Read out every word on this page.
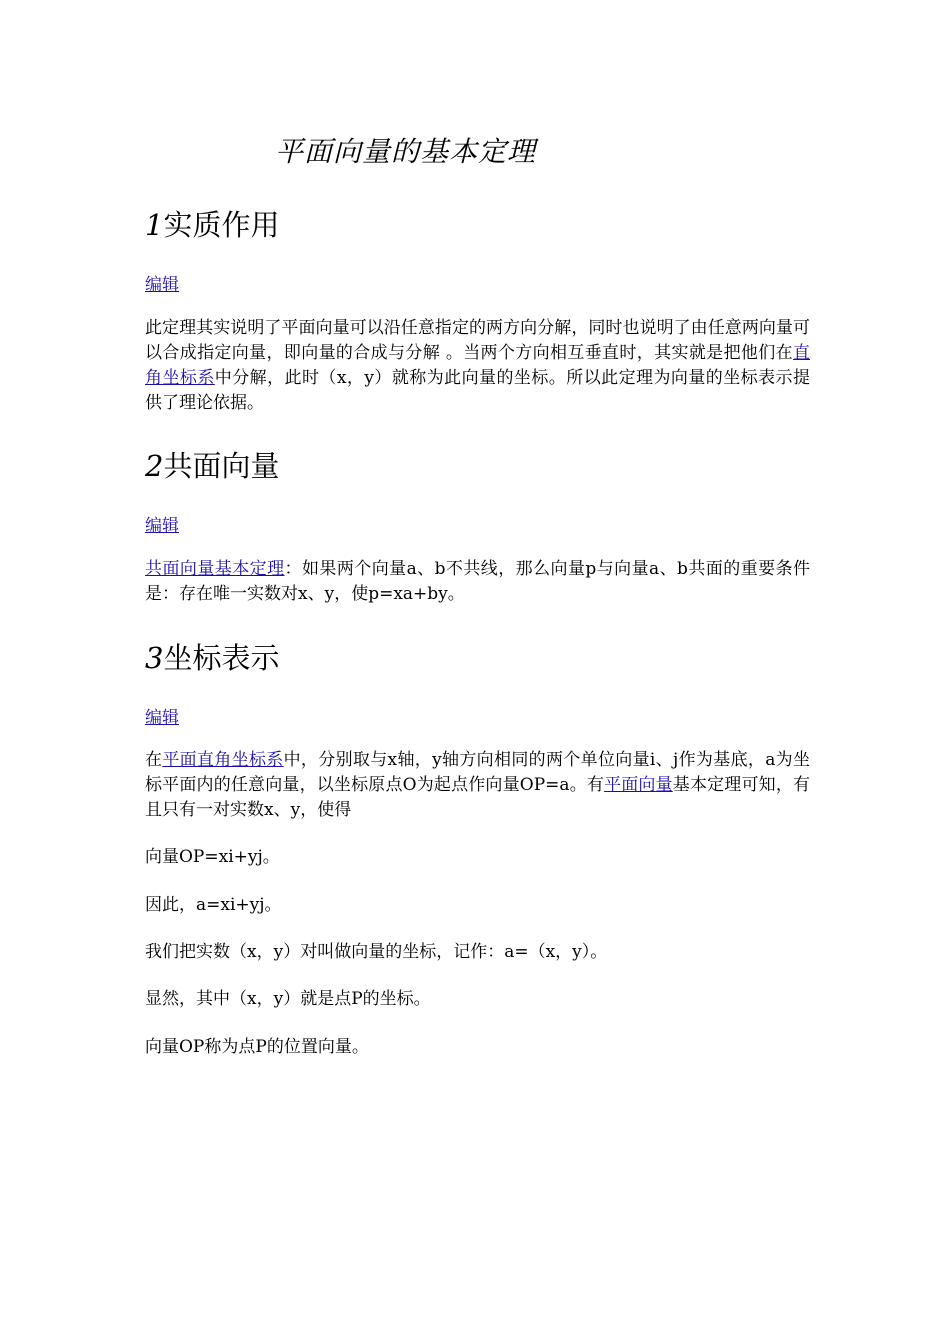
平面向量的基本定理
1实质作用
编辑

此定理其实说明了平面向量可以沿任意指定的两方向分解，同时也说明了由任意两向量可以合成指定向量，即向量的合成与分解 。当两个方向相互垂直时，其实就是把他们在直角坐标系中分解，此时（x，y）就称为此向量的坐标。所以此定理为向量的坐标表示提供了理论依据。

2共面向量
编辑

共面向量基本定理：如果两个向量a、b不共线，那么向量p与向量a、b共面的重要条件是：存在唯一实数对x、y，使p=xa+by。

3坐标表示
编辑

在平面直角坐标系中，分别取与x轴，y轴方向相同的两个单位向量i、j作为基底，a为坐标平面内的任意向量，以坐标原点O为起点作向量OP=a。有平面向量基本定理可知，有且只有一对实数x、y，使得

向量OP=xi+yj。

因此，a=xi+yj。

我们把实数（x，y）对叫做向量的坐标，记作：a=（x，y）。

显然，其中（x，y）就是点P的坐标。

向量OP称为点P的位置向量。
